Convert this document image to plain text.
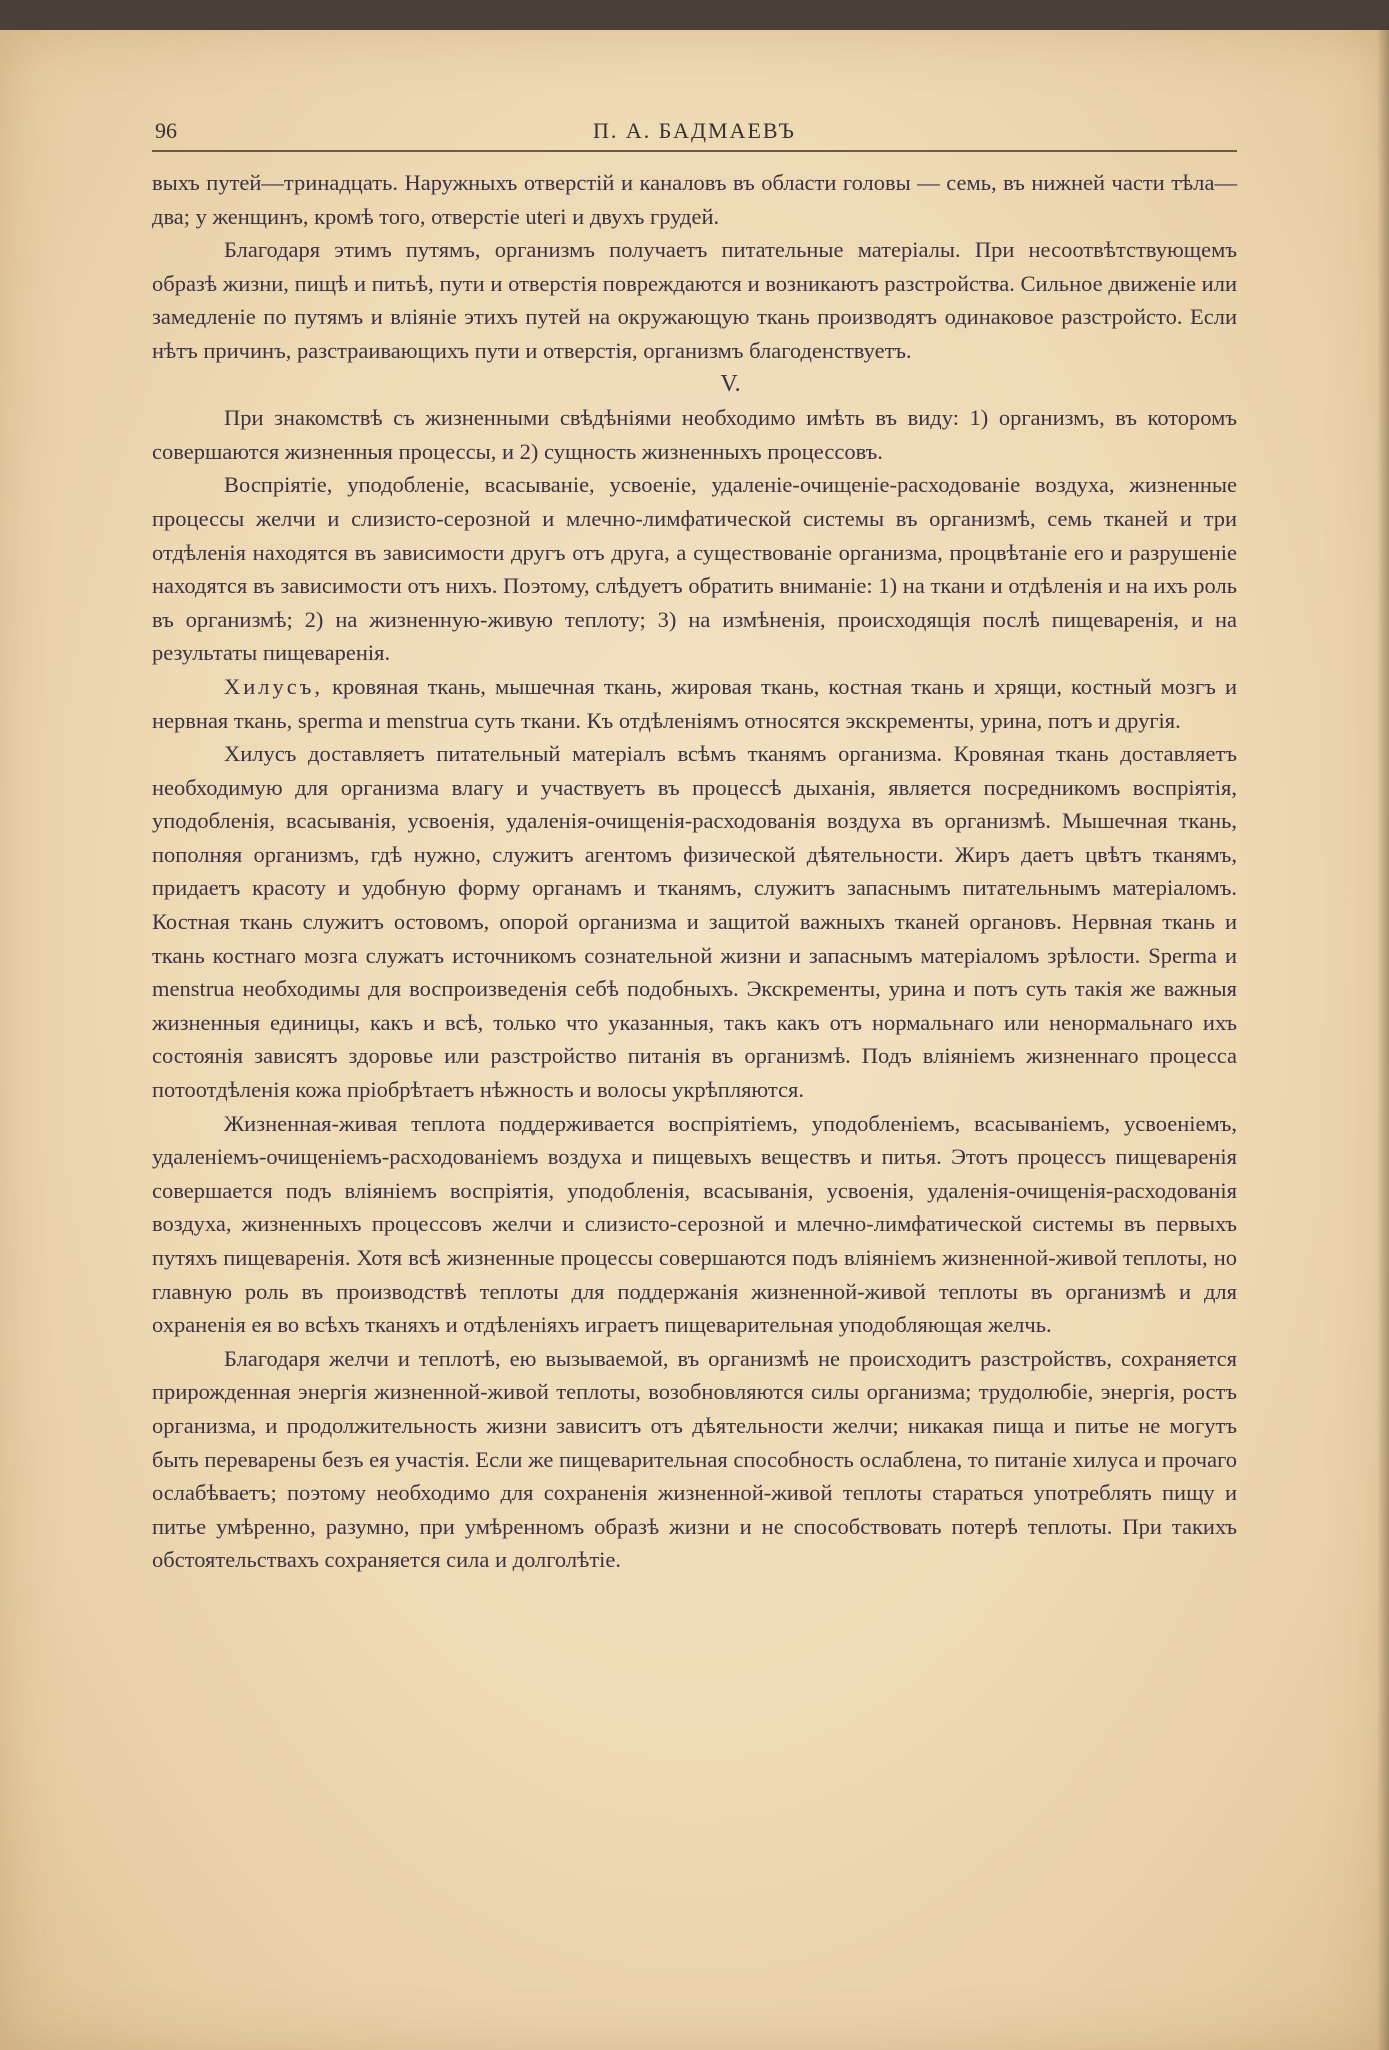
96	П. А. БАДМАЕВЪ

выхъ путей—тринадцать. Наружныхъ отверстій и каналовъ въ области головы — семь, въ нижней части тѣла—два; у женщинъ, кромѣ того, отверстіе uteri и двухъ грудей.

Благодаря этимъ путямъ, организмъ получаетъ питательные матеріалы. При несоотвѣтствующемъ образѣ жизни, пищѣ и питьѣ, пути и отверстія повреждаются и возникаютъ разстройства. Сильное движеніе или замедленіе по путямъ и вліяніе этихъ путей на окружающую ткань производятъ одинаковое разстройсто. Если нѣтъ причинъ, разстраивающихъ пути и отверстія, организмъ благоденствуетъ.

V.

При знакомствѣ съ жизненными свѣдѣніями необходимо имѣть въ виду: 1) организмъ, въ которомъ совершаются жизненныя процессы, и 2) сущность жизненныхъ процессовъ.

Воспріятіе, уподобленіе, всасываніе, усвоеніе, удаленіе-очищеніе-расходованіе воздуха, жизненные процессы желчи и слизисто-серозной и млечно-лимфатической системы въ организмѣ, семь тканей и три отдѣленія находятся въ зависимости другъ отъ друга, а существованіе организма, процвѣтаніе его и разрушеніе находятся въ зависимости отъ нихъ. Поэтому, слѣдуетъ обратить вниманіе: 1) на ткани и отдѣленія и на ихъ роль въ организмѣ; 2) на жизненную-живую теплоту; 3) на измѣненія, происходящія послѣ пищеваренія, и на результаты пищеваренія.

Хилусъ, кровяная ткань, мышечная ткань, жировая ткань, костная ткань и хрящи, костный мозгъ и нервная ткань, sperma и menstrua суть ткани. Къ отдѣленіямъ относятся экскременты, урина, потъ и другія.

Хилусъ доставляетъ питательный матеріалъ всѣмъ тканямъ организма. Кровяная ткань доставляетъ необходимую для организма влагу и участвуетъ въ процессѣ дыханія, является посредникомъ воспріятія, уподобленія, всасыванія, усвоенія, удаленія-очищенія-расходованія воздуха въ организмѣ. Мышечная ткань, пополняя организмъ, гдѣ нужно, служитъ агентомъ физической дѣятельности. Жиръ даетъ цвѣтъ тканямъ, придаетъ красоту и удобную форму органамъ и тканямъ, служитъ запаснымъ питательнымъ матеріаломъ. Костная ткань служитъ остовомъ, опорой организма и защитой важныхъ тканей органовъ. Нервная ткань и ткань костнаго мозга служатъ источникомъ сознательной жизни и запаснымъ матеріаломъ зрѣлости. Sperma и menstrua необходимы для воспроизведенія себѣ подобныхъ. Экскременты, урина и потъ суть такія же важныя жизненныя единицы, какъ и всѣ, только что указанныя, такъ какъ отъ нормальнаго или ненормальнаго ихъ состоянія зависятъ здоровье или разстройство питанія въ организмѣ. Подъ вліяніемъ жизненнаго процесса потоотдѣленія кожа пріобрѣтаетъ нѣжность и волосы укрѣпляются.

Жизненная-живая теплота поддерживается воспріятіемъ, уподобленіемъ, всасываніемъ, усвоеніемъ, удаленіемъ-очищеніемъ-расходованіемъ воздуха и пищевыхъ веществъ и питья. Этотъ процессъ пищеваренія совершается подъ вліяніемъ воспріятія, уподобленія, всасыванія, усвоенія, удаленія-очищенія-расходованія воздуха, жизненныхъ процессовъ желчи и слизисто-серозной и млечно-лимфатической системы въ первыхъ путяхъ пищеваренія. Хотя всѣ жизненные процессы совершаются подъ вліяніемъ жизненной-живой теплоты, но главную роль въ производствѣ теплоты для поддержанія жизненной-живой теплоты въ организмѣ и для охраненія ея во всѣхъ тканяхъ и отдѣленіяхъ играетъ пищеварительная уподобляющая желчь.

Благодаря желчи и теплотѣ, ею вызываемой, въ организмѣ не происходитъ разстройствъ, сохраняется прирожденная энергія жизненной-живой теплоты, возобновляются силы организма; трудолюбіе, энергія, ростъ организма, и продолжительность жизни зависитъ отъ дѣятельности желчи; никакая пища и питье не могутъ быть переварены безъ ея участія. Если же пищеварительная способность ослаблена, то питаніе хилуса и прочаго ослабѣваетъ; поэтому необходимо для сохраненія жизненной-живой теплоты стараться употреблять пищу и питье умѣренно, разумно, при умѣренномъ образѣ жизни и не способствовать потерѣ теплоты. При такихъ обстоятельствахъ сохраняется сила и долголѣтіе.
